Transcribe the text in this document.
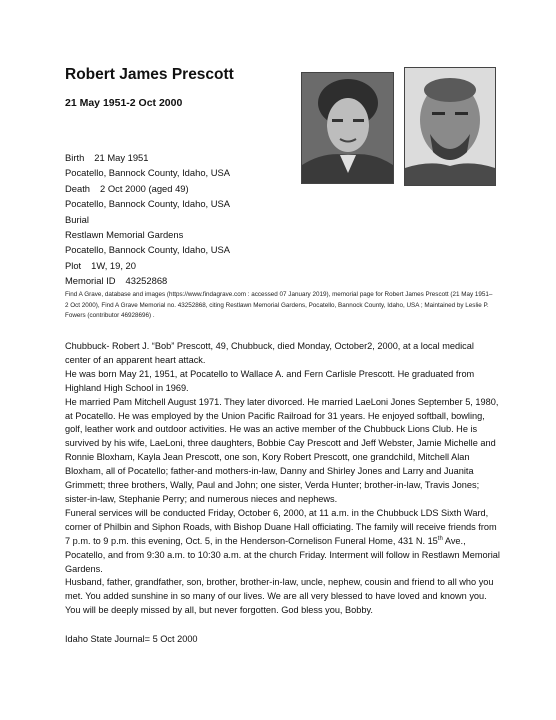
Robert James Prescott
21 May 1951-2 Oct 2000
Birth 21 May 1951
Pocatello, Bannock County, Idaho, USA
Death 2 Oct 2000 (aged 49)
Pocatello, Bannock County, Idaho, USA
Burial
Restlawn Memorial Gardens
Pocatello, Bannock County, Idaho, USA
Plot 1W, 19, 20
Memorial ID 43252868
Find A Grave, database and images (https://www.findagrave.com : accessed 07 January 2019), memorial page for Robert James Prescott (21 May 1951–2 Oct 2000), Find A Grave Memorial no. 43252868, citing Restlawn Memorial Gardens, Pocatello, Bannock County, Idaho, USA ; Maintained by Leslie P. Fowers (contributor 46928696) .

Chubbuck- Robert J. “Bob” Prescott, 49, Chubbuck, died Monday, October2, 2000, at a local medical center of an apparent heart attack.

He was born May 21, 1951, at Pocatello to Wallace A. and Fern Carlisle Prescott. He graduated from Highland High School in 1969.

He married Pam Mitchell August 1971. They later divorced. He married LaeLoni Jones September 5, 1980, at Pocatello. He was employed by the Union Pacific Railroad for 31 years. He enjoyed softball, bowling, golf, leather work and outdoor activities. He was an active member of the Chubbuck Lions Club. He is survived by his wife, LaeLoni, three daughters, Bobbie Cay Prescott and Jeff Webster, Jamie Michelle and Ronnie Bloxham, Kayla Jean Prescott, one son, Kory Robert Prescott, one grandchild, Mitchell Alan Bloxham, all of Pocatello; father-and mothers-in-law, Danny and Shirley Jones and Larry and Juanita Grimmett; three brothers, Wally, Paul and John; one sister, Verda Hunter; brother-in-law, Travis Jones; sister-in-law, Stephanie Perry; and numerous nieces and nephews.

Funeral services will be conducted Friday, October 6, 2000, at 11 a.m. in the Chubbuck LDS Sixth Ward, corner of Philbin and Siphon Roads, with Bishop Duane Hall officiating. The family will receive friends from 7 p.m. to 9 p.m. this evening, Oct. 5, in the Henderson-Cornelison Funeral Home, 431 N. 15th Ave., Pocatello, and from 9:30 a.m. to 10:30 a.m. at the church Friday. Interment will follow in Restlawn Memorial Gardens.

Husband, father, grandfather, son, brother, brother-in-law, uncle, nephew, cousin and friend to all who you met. You added sunshine in so many of our lives. We are all very blessed to have loved and known you. You will be deeply missed by all, but never forgotten. God bless you, Bobby.

Idaho State Journal= 5 Oct 2000
